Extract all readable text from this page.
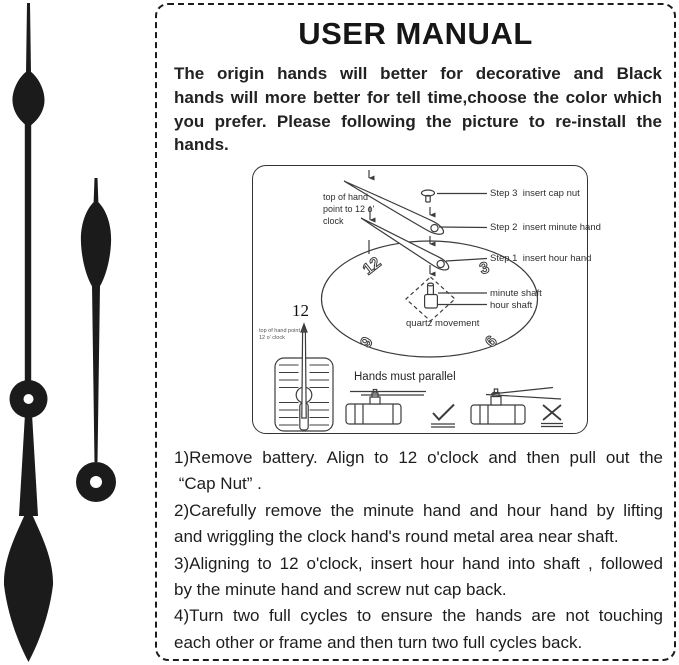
USER MANUAL
The origin hands will better for decorative and Black
hands will more better for tell time,choose the color which
you prefer. Please following the picture to re-install the
hands.
12	3
9	6
top of hand point to 12 o' clock
Step 3  insert cap nut
Step 2  insert minute hand
Step 1  insert hour hand
minute shaft
hour shaft
quartz movement
12
top of hand point to 12 o' clock
Hands must parallel
1)Remove battery. Align to 12 o'clock and then pull out the
“Cap Nut” .
2)Carefully remove the minute hand and hour hand by lifting
and wriggling the clock hand's round metal area near shaft.
3)Aligning to 12 o'clock, insert hour hand into shaft , followed
by the minute hand and screw nut cap back.
4)Turn two full cycles to ensure the hands are not touching
each other or frame and then turn two full cycles back.
